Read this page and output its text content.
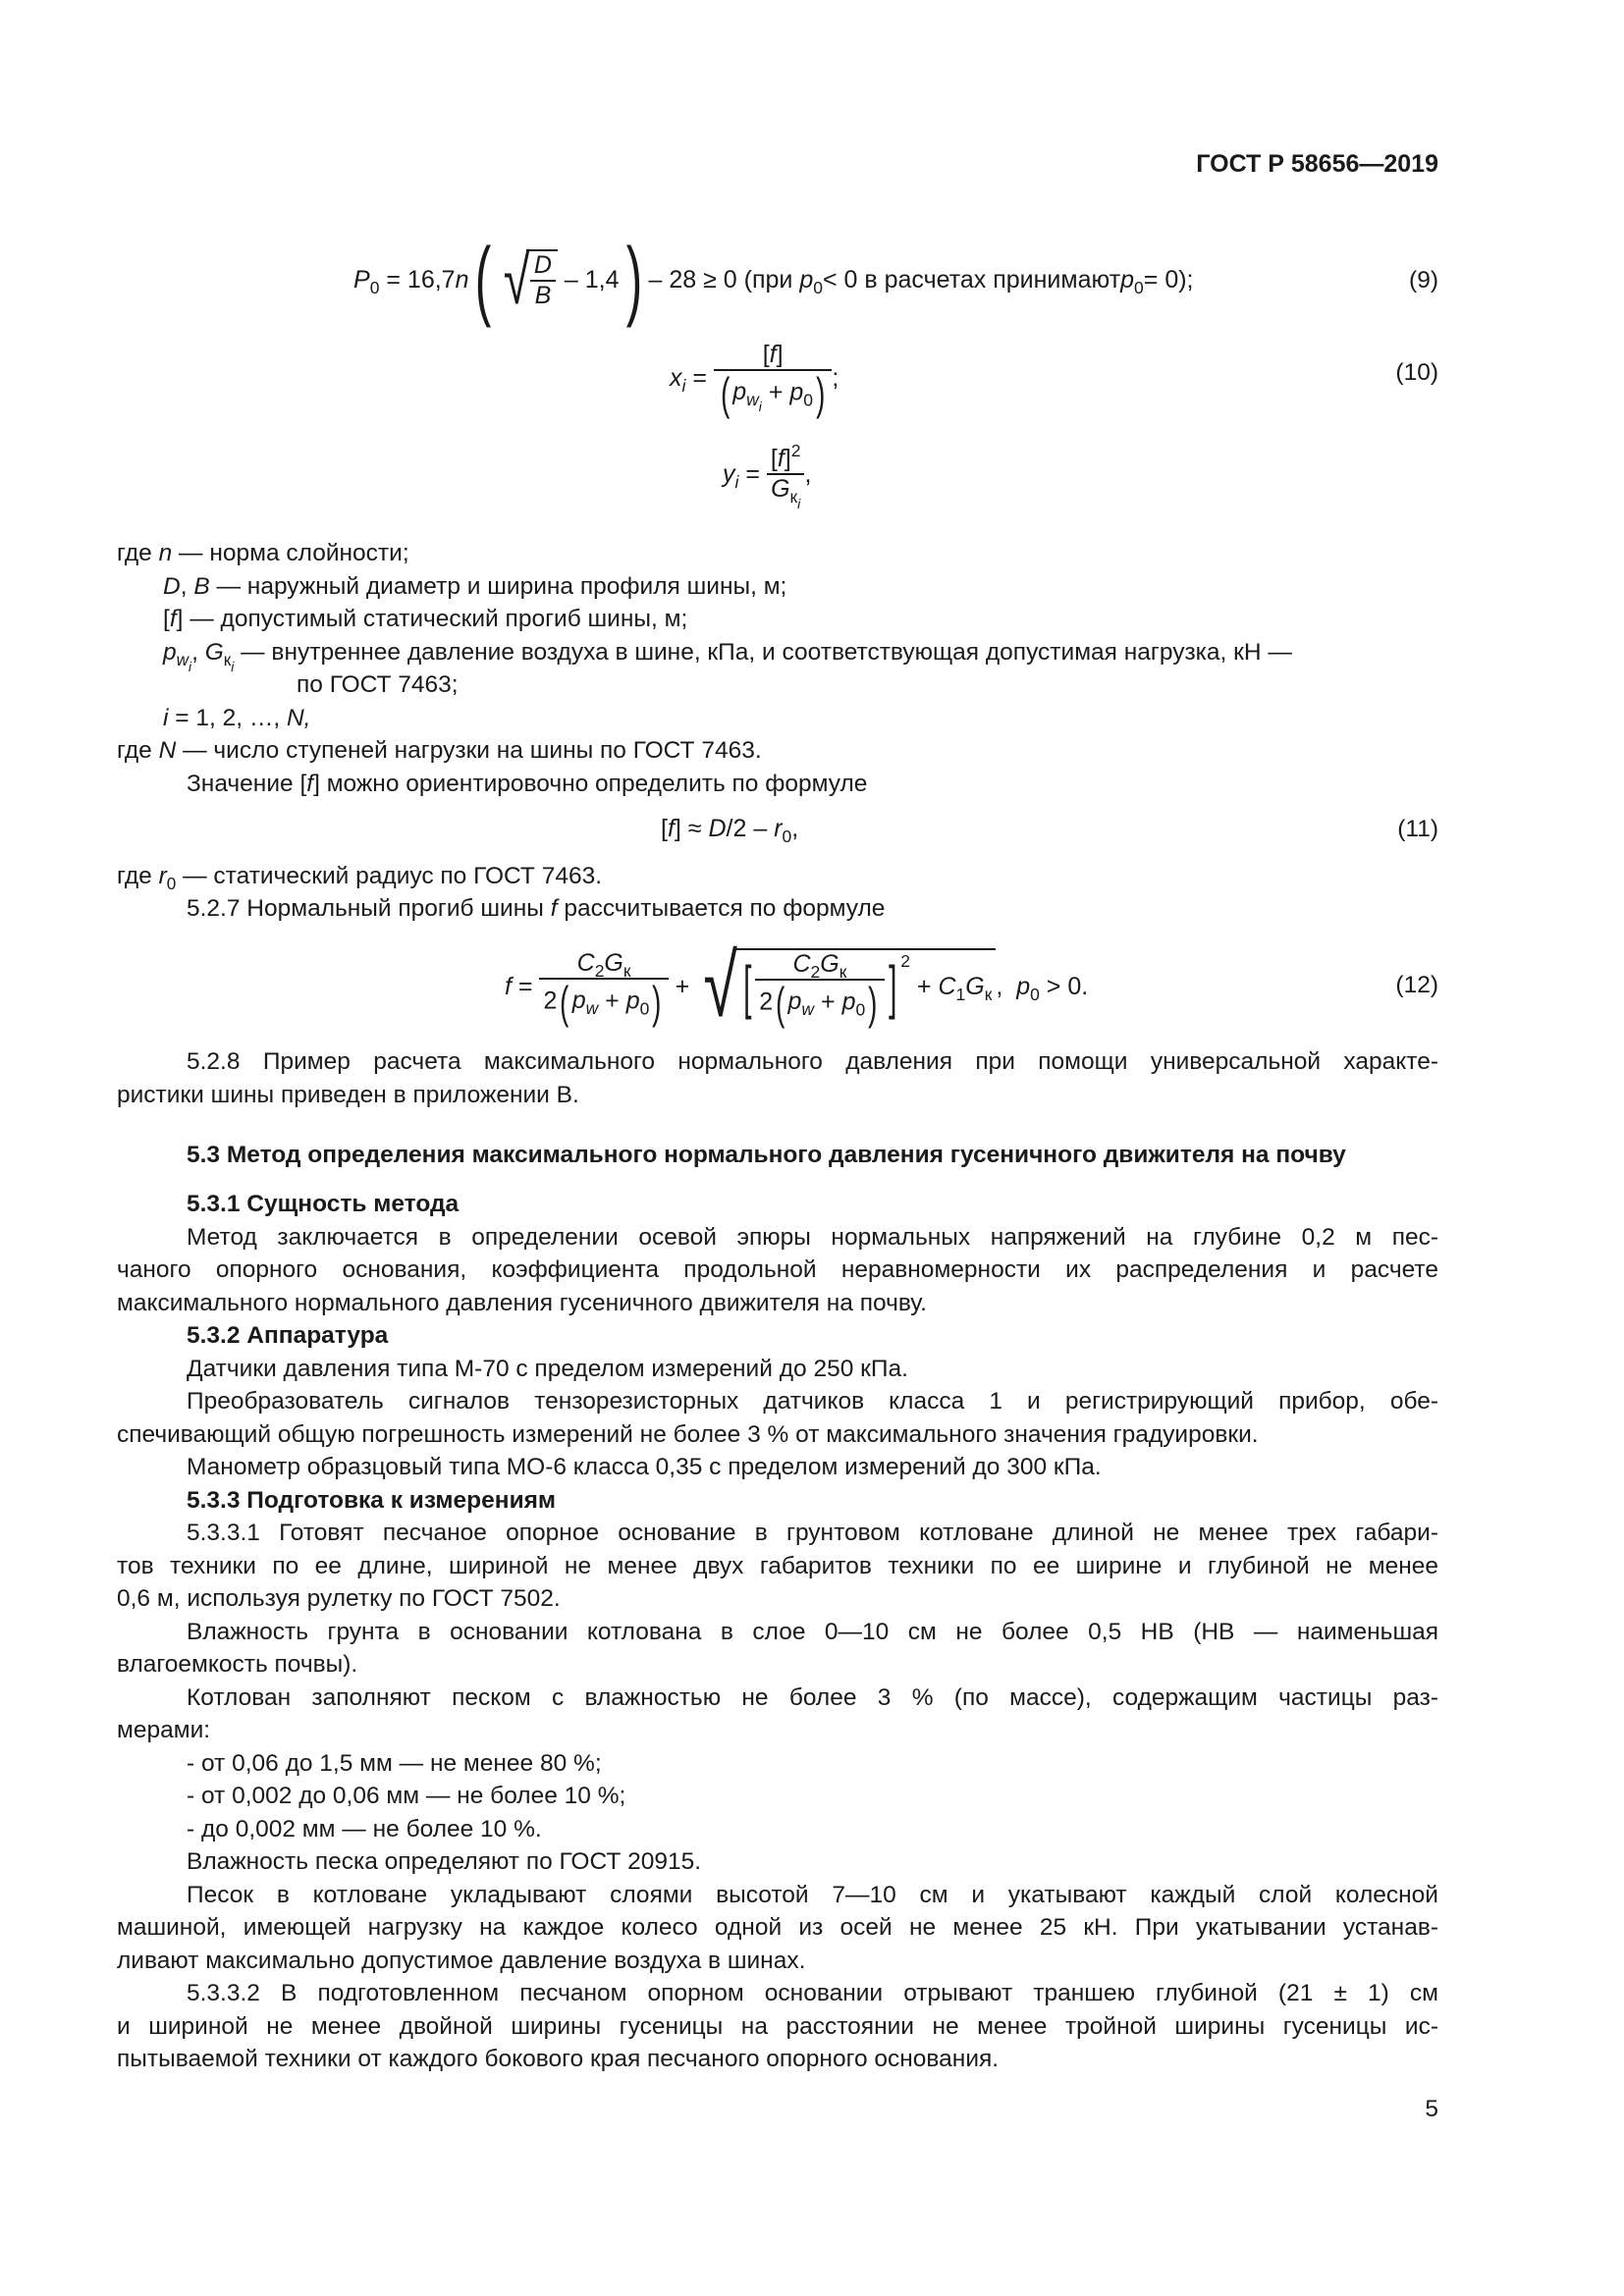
ГОСТ Р 58656—2019
$P_0 = 16,7n$ ( √ $\frac{D}{B} - 1,4$ ) – 28 ≥ 0 (при $p_0 < 0$ в расчетах принимают $p_0 = 0$);	(9)
$x_i = \frac{[f]}{( p_{w_i} + p_0)}$ ;	(10)
$y_i = \frac{[f]^2}{G_{к_i}}$ ,
где n — норма слойности;
D, B — наружный диаметр и ширина профиля шины, м;
[f] — допустимый статический прогиб шины, м;
$p_{w_i}$, $G_{к_i}$ — внутреннее давление воздуха в шине, кПа, и соответствующая допустимая нагрузка, кН —
по ГОСТ 7463;
i = 1, 2, …, N,
где N — число ступеней нагрузки на шины по ГОСТ 7463.
Значение [f] можно ориентировочно определить по формуле
$[f] \approx D/2 - r_0$,	(11)
где $r_0$ — статический радиус по ГОСТ 7463.
5.2.7 Нормальный прогиб шины f рассчитывается по формуле
$f = \frac{C_2G_к}{2( p_w + p_0)}$ + √ [ $\frac{C_2G_к}{2( p_w + p_0)}$ ] $^2 + C_1G_к$ ,  $p_0 > 0$.	(12)
5.2.8 Пример расчета максимального нормального давления при помощи универсальной характе-
ристики шины приведен в приложении В.
5.3 Метод определения максимального нормального давления гусеничного движителя на почву
5.3.1 Сущность метода
Метод заключается в определении осевой эпюры нормальных напряжений на глубине 0,2 м пес-
чаного опорного основания, коэффициента продольной неравномерности их распределения и расчете
максимального нормального давления гусеничного движителя на почву.
5.3.2 Аппаратура
Датчики давления типа М-70 с пределом измерений до 250 кПа.
Преобразователь сигналов тензорезисторных датчиков класса 1 и регистрирующий прибор, обе-
спечивающий общую погрешность измерений не более 3 % от максимального значения градуировки.
Манометр образцовый типа МО-6 класса 0,35 с пределом измерений до 300 кПа.
5.3.3 Подготовка к измерениям
5.3.3.1 Готовят песчаное опорное основание в грунтовом котловане длиной не менее трех габари-
тов техники по ее длине, шириной не менее двух габаритов техники по ее ширине и глубиной не менее
0,6 м, используя рулетку по ГОСТ 7502.
Влажность грунта в основании котлована в слое 0—10 см не более 0,5 НВ (НВ — наименьшая
влагоемкость почвы).
Котлован заполняют песком с влажностью не более 3 % (по массе), содержащим частицы раз-
мерами:
- от 0,06 до 1,5 мм — не менее 80 %;
- от 0,002 до 0,06 мм — не более 10 %;
- до 0,002 мм — не более 10 %.
Влажность песка определяют по ГОСТ 20915.
Песок в котловане укладывают слоями высотой 7—10 см и укатывают каждый слой колесной
машиной, имеющей нагрузку на каждое колесо одной из осей не менее 25 кН. При укатывании устанав-
ливают максимально допустимое давление воздуха в шинах.
5.3.3.2 В подготовленном песчаном опорном основании отрывают траншею глубиной (21 ± 1) см
и шириной не менее двойной ширины гусеницы на расстоянии не менее тройной ширины гусеницы ис-
пытываемой техники от каждого бокового края песчаного опорного основания.
5
